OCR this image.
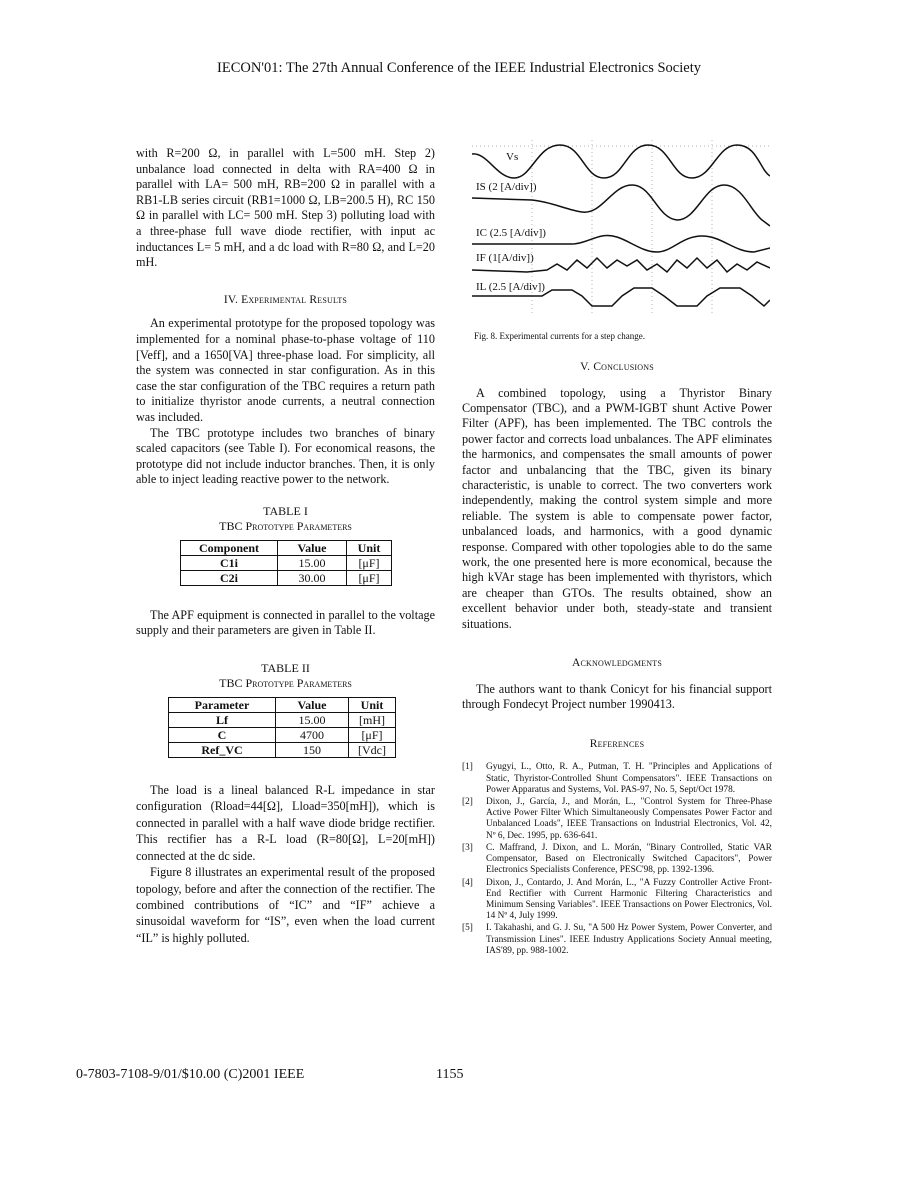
IECON'01: The 27th Annual Conference of the IEEE Industrial Electronics Society

with R=200 Ω, in parallel with L=500 mH. Step 2) unbalance load connected in delta with RA=400 Ω in parallel with LA= 500 mH, RB=200 Ω in parallel with a RB1-LB series circuit (RB1=1000 Ω, LB=200.5 H), RC 150 Ω in parallel with LC= 500 mH. Step 3) polluting load with a three-phase full wave diode rectifier, with input ac inductances L= 5 mH, and a dc load with R=80 Ω, and L=20 mH.

IV. Experimental Results

An experimental prototype for the proposed topology was implemented for a nominal phase-to-phase voltage of 110 [Veff], and a 1650[VA] three-phase load. For simplicity, all the system was connected in star configuration. As in this case the star configuration of the TBC requires a return path to initialize thyristor anode currents, a neutral connection was included.

The TBC prototype includes two branches of binary scaled capacitors (see Table I). For economical reasons, the prototype did not include inductor branches. Then, it is only able to inject leading reactive power to the network.

TABLE I
TBC Prototype Parameters
Component	Value	Unit
C1i	15.00	[μF]
C2i	30.00	[μF]

The APF equipment is connected in parallel to the voltage supply and their parameters are given in Table II.

TABLE II
TBC Prototype Parameters
Parameter	Value	Unit
Lf	15.00	[mH]
C	4700	[μF]
Ref_VC	150	[Vdc]

The load is a lineal balanced R-L impedance in star configuration (Rload=44[Ω], Lload=350[mH]), which is connected in parallel with a half wave diode bridge rectifier. This rectifier has a R-L load (R=80[Ω], L=20[mH]) connected at the dc side.

Figure 8 illustrates an experimental result of the proposed topology, before and after the connection of the rectifier. The combined contributions of “IC” and “IF” achieve a sinusoidal waveform for “IS”, even when the load current “IL” is highly polluted.

Vs
IS (2 [A/div])
IC (2.5 [A/div])
IF (1[A/div])
IL (2.5 [A/div])
Fig. 8. Experimental currents for a step change.

V. Conclusions

A combined topology, using a Thyristor Binary Compensator (TBC), and a PWM-IGBT shunt Active Power Filter (APF), has been implemented. The TBC controls the power factor and corrects load unbalances. The APF eliminates the harmonics, and compensates the small amounts of power factor and unbalancing that the TBC, given its binary characteristic, is unable to correct. The two converters work independently, making the control system simple and more reliable. The system is able to compensate power factor, unbalanced loads, and harmonics, with a good dynamic response. Compared with other topologies able to do the same work, the one presented here is more economical, because the high kVAr stage has been implemented with thyristors, which are cheaper than GTOs. The results obtained, show an excellent behavior under both, steady-state and transient situations.

Acknowledgments

The authors want to thank Conicyt for his financial support through Fondecyt Project number 1990413.

References

[1]	Gyugyi, L., Otto, R. A., Putman, T. H. "Principles and Applications of Static, Thyristor-Controlled Shunt Compensators". IEEE Transactions on Power Apparatus and Systems, Vol. PAS-97, No. 5, Sept/Oct 1978.
[2]	Dixon, J., García, J., and Morán, L., "Control System for Three-Phase Active Power Filter Which Simultaneously Compensates Power Factor and Unbalanced Loads", IEEE Transactions on Industrial Electronics, Vol. 42, Nº 6, Dec. 1995, pp. 636-641.
[3]	C. Maffrand, J. Dixon, and L. Morán, "Binary Controlled, Static VAR Compensator, Based on Electronically Switched Capacitors", Power Electronics Specialists Conference, PESC'98, pp. 1392-1396.
[4]	Dixon, J., Contardo, J. And Morán, L., "A Fuzzy Controller Active Front-End Rectifier with Current Harmonic Filtering Characteristics and Minimum Sensing Variables". IEEE Transactions on Power Electronics, Vol. 14 Nº 4, July 1999.
[5]	I. Takahashi, and G. J. Su, "A 500 Hz Power System, Power Converter, and Transmission Lines". IEEE Industry Applications Society Annual meeting, IAS'89, pp. 988-1002.
0-7803-7108-9/01/$10.00 (C)2001 IEEE	1155
